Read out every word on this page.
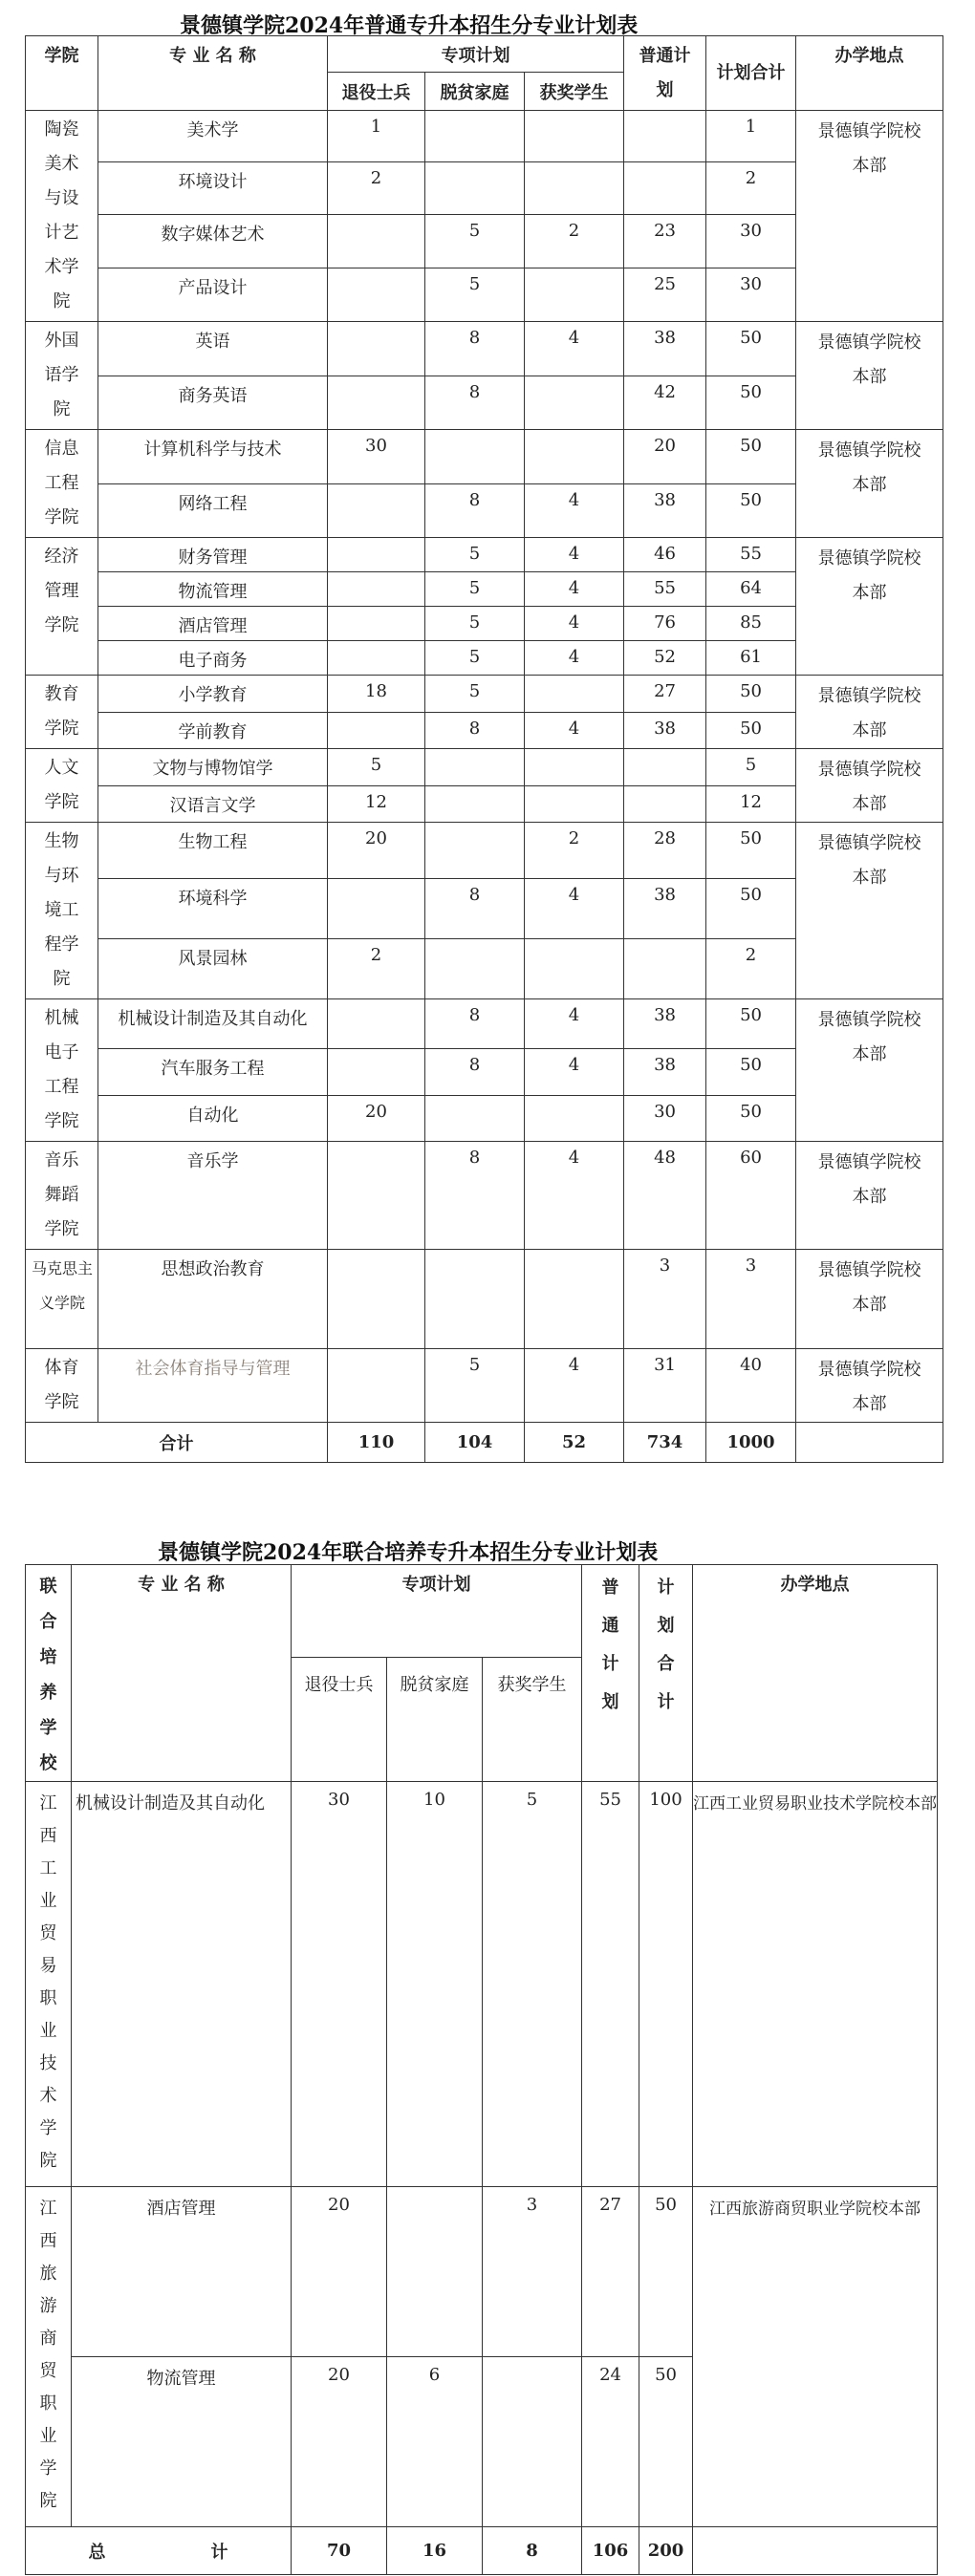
景德镇学院2024年普通专升本招生分专业计划表
学院	专 业 名 称	专项计划			普通计划	计划合计	办学地点
		退役士兵	脱贫家庭	获奖学生			

陶瓷美术与设计艺术学院	美术学	1				1	景德镇学院校本部

	环境设计	2				2	
	数字媒体艺术		5	2	23	30	
	产品设计		5		25	30	

外国语学院	英语		8	4	38	50	景德镇学院校本部

	商务英语		8		42	50	

信息工程学院	计算机科学与技术	30			20	50	景德镇学院校本部

	网络工程		8	4	38	50	

经济管理学院	财务管理		5	4	46	55	景德镇学院校本部

	物流管理		5	4	55	64	
	酒店管理		5	4	76	85	
	电子商务		5	4	52	61	

教育学院	小学教育	18	5		27	50	景德镇学院校本部

	学前教育		8	4	38	50	

人文学院	文物与博物馆学	5				5	景德镇学院校本部

	汉语言文学	12				12	

生物与环境工程学院	生物工程	20		2	28	50	景德镇学院校本部

	环境科学		8	4	38	50	
	风景园林	2				2	

机械电子工程学院	机械设计制造及其自动化		8	4	38	50	景德镇学院校本部

	汽车服务工程		8	4	38	50	
	自动化	20			30	50	

音乐舞蹈学院	音乐学		8	4	48	60	景德镇学院校本部

马克思主义学院	思想政治教育				3	3	景德镇学院校本部

体育学院	社会体育指导与管理		5	4	31	40	景德镇学院校本部

合计		110	104	52	734	1000	
景德镇学院2024年联合培养专升本招生分专业计划表
联合培养学校	专 业 名 称	专项计划			普通计划	计划合计	办学地点
		退役士兵	脱贫家庭	获奖学生			

江西工业贸易职业技术学院	机械设计制造及其自动化	30	10	5	55	100	江西工业贸易职业技术学院校本部

江西旅游商贸职业学院	酒店管理	20		3	27	50	江西旅游商贸职业学院校本部
	物流管理	20	6		24	50	
总 计		70	16	8	106	200	
